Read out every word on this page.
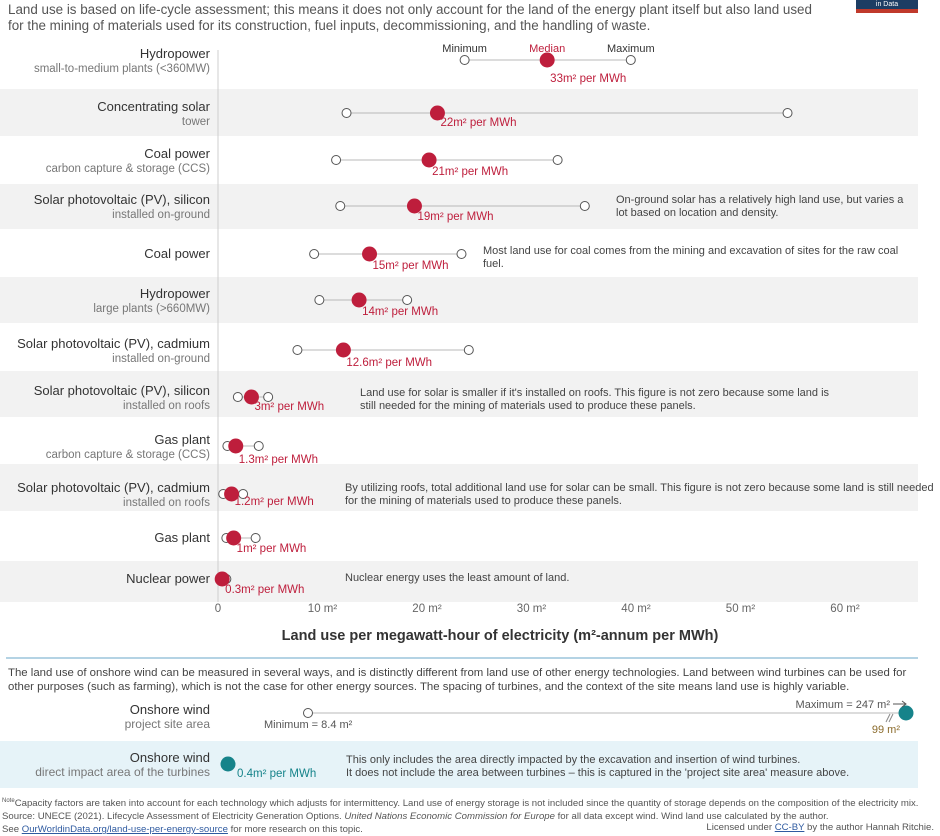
Land use is based on life-cycle assessment; this means it does not only account for the land of the energy plant itself but also land used for the mining of materials used for its construction, fuel inputs, decommissioning, and the handling of waste.

in Data

The land use of onshore wind can be measured in several ways, and is distinctly different from land use of other energy technologies. Land between wind turbines can be used for other purposes (such as farming), which is not the case for other energy sources. The spacing of turbines, and the context of the site means land use is highly variable.

0	10 m²	20 m²	30 m²	40 m²	50 m²	60 m²
Land use per megawatt-hour of electricity (m²-annum per MWh)
Hydropower
small-to-medium plants (<360MW)
33m² per MWh
Concentrating solar
tower	22m² per MWh
Coal power
carbon capture & storage (CCS)	21m² per MWh
Solar photovoltaic (PV), silicon
installed on-ground	19m² per MWh
On-ground solar has a relatively high land use, but varies a lot based on location and density.
Coal power
15m² per MWh
Most land use for coal comes from the mining and excavation of sites for the raw coal fuel.
Hydropower
large plants (>660MW)	14m² per MWh
Solar photovoltaic (PV), cadmium
installed on-ground	12.6m² per MWh
Solar photovoltaic (PV), silicon
installed on roofs	3m² per MWh
Land use for solar is smaller if it's installed on roofs. This figure is not zero because some land is still needed for the mining of materials used to produce these panels.
Gas plant
carbon capture & storage (CCS)	1.3m² per MWh
Solar photovoltaic (PV), cadmium
installed on roofs 1.2m² per MWh
By utilizing roofs, total additional land use for solar can be small. This figure is not zero because some land is still needed for the mining of materials used to produce these panels.
Gas plant
1m² per MWh
Nuclear power
0.3m² per MWh
Nuclear energy uses the least amount of land.
Minimum	Median	Maximum
Onshore wind
project site area	Minimum = 8.4 m²
Maximum = 247 m²
99 m²
Onshore wind
direct impact area of the turbines 0.4m² per MWh
This only includes the area directly impacted by the excavation and insertion of wind turbines. It does not include the area between turbines – this is captured in the 'project site area' measure above.

$^{Note}$Capacity factors are taken into account for each technology which adjusts for intermittency. Land use of energy storage is not included since the quantity of storage depends on the composition of the electricity mix.

Source: UNECE (2021). Lifecycle Assessment of Electricity Generation Options. United Nations Economic Commission for Europe for all data except wind. Wind land use calculated by the author.

See OurWorldinData.org/land-use-per-energy-source for more research on this topic.	Licensed under CC-BY by the author Hannah Ritchie.
